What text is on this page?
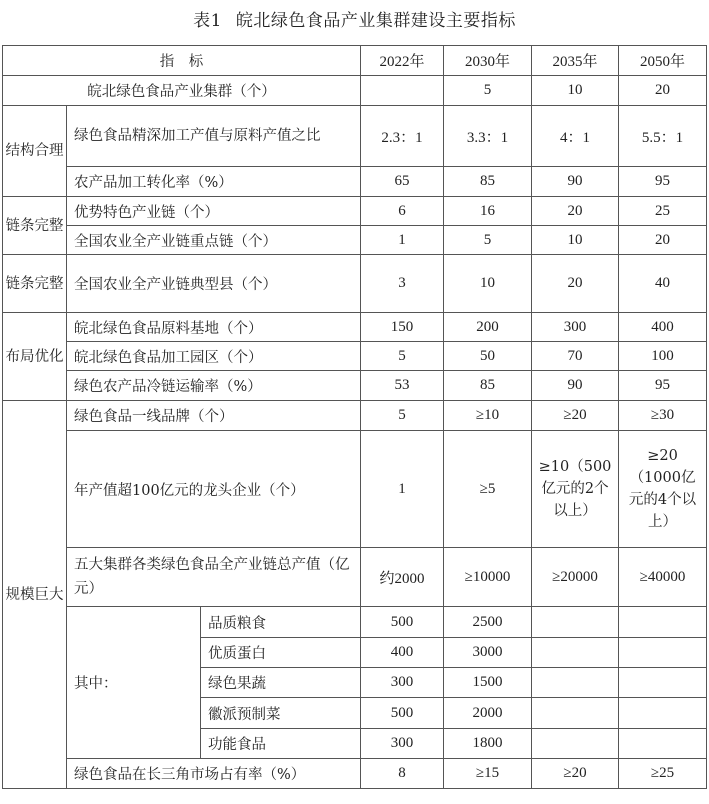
表1 皖北绿色食品产业集群建设主要指标
指　标			2022年	2030年	2035年	2050年
皖北绿色食品产业集群（个）				5	10	20
结构合理	绿色食品精深加工产值与原料产值之比		2.3：1	3.3：1	4：1	5.5：1
	农产品加工转化率（%）		65	85	90	95
链条完整	优势特色产业链（个）		6	16	20	25
	全国农业全产业链重点链（个）		1	5	10	20
链条完整	全国农业全产业链典型县（个）		3	10	20	40
布局优化	皖北绿色食品原料基地（个）		150	200	300	400
	皖北绿色食品加工园区（个）		5	50	70	100
	绿色农产品冷链运输率（%）		53	85	90	95
规模巨大	绿色食品一线品牌（个）		5	≥10	≥20	≥30
	年产值超100亿元的龙头企业（个）		1	≥5	≥10（500亿元的2个以上）	≥20（1000亿元的4个以上）
	五大集群各类绿色食品全产业链总产值（亿元）		约2000	≥10000	≥20000	≥40000
	其中：	品质粮食	500	2500		
		优质蛋白	400	3000		
		绿色果蔬	300	1500		
		徽派预制菜	500	2000		
		功能食品	300	1800		
	绿色食品在长三角市场占有率（%）		8	≥15	≥20	≥25
